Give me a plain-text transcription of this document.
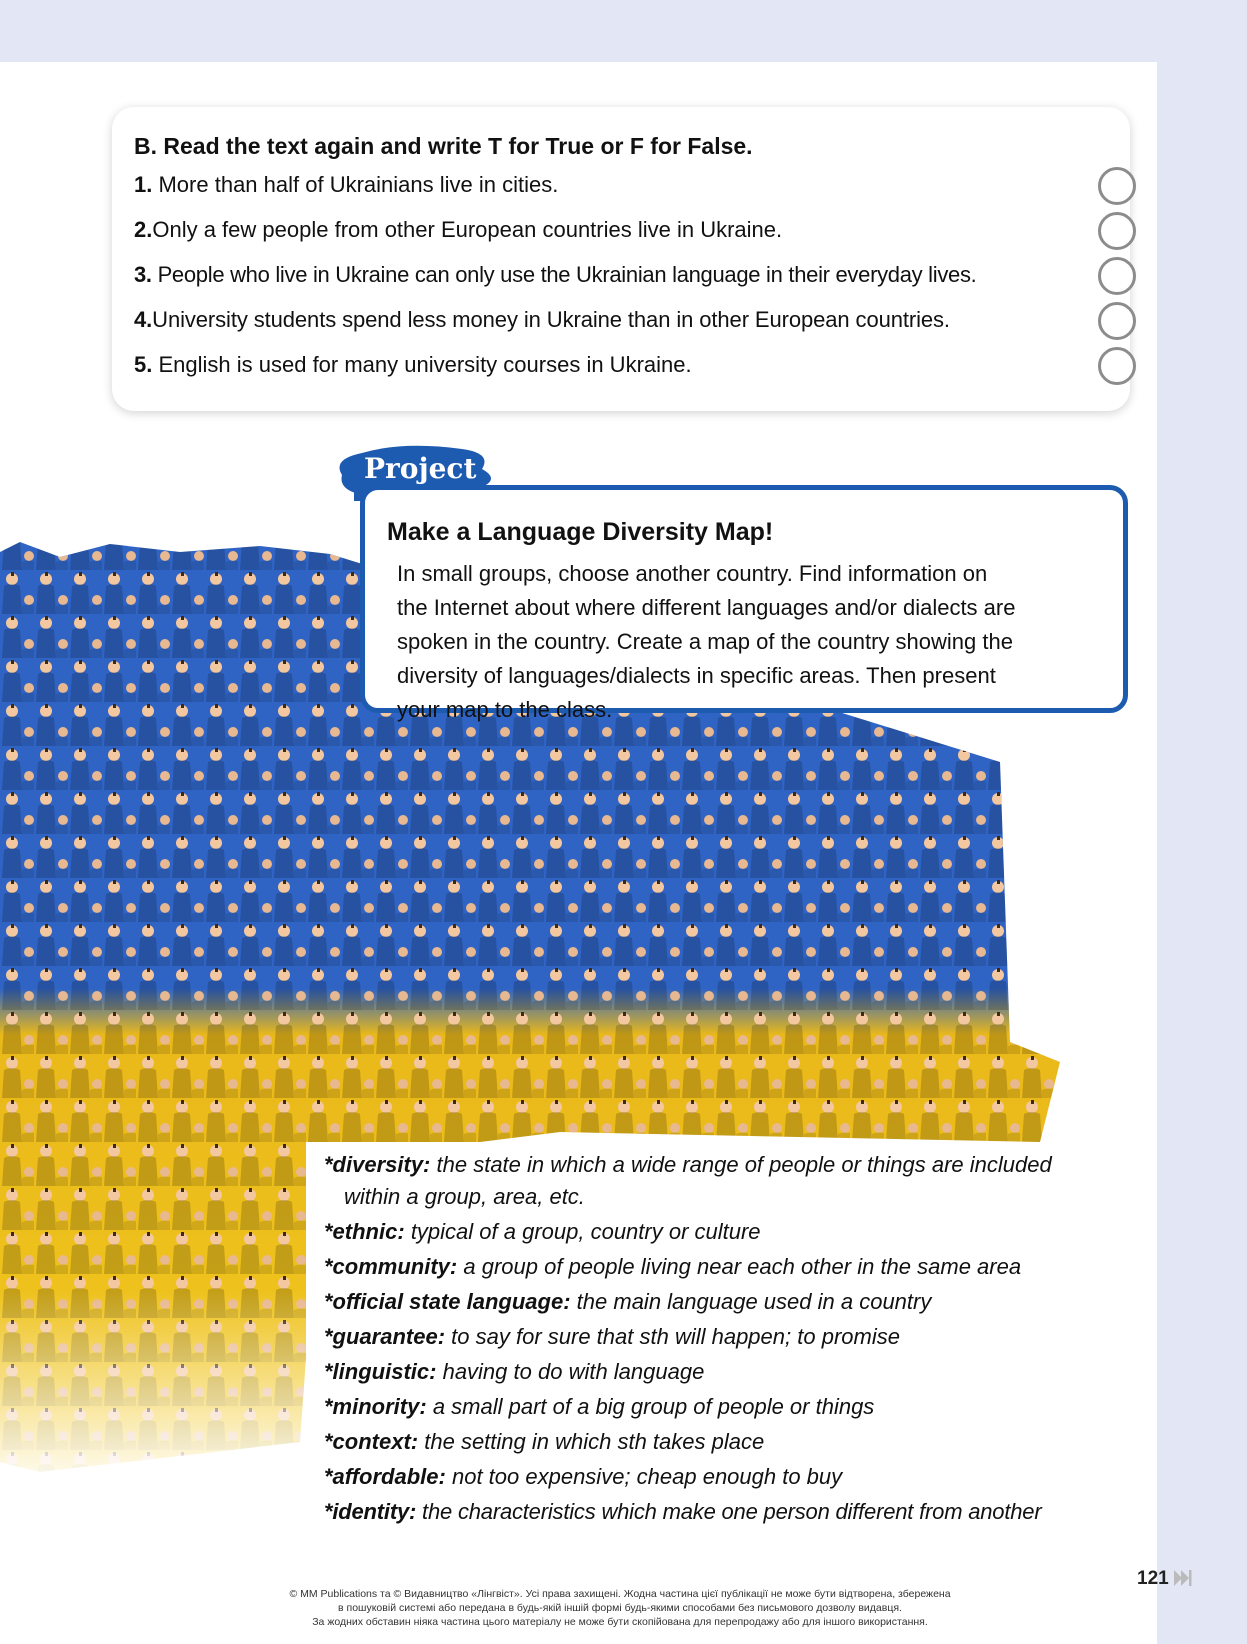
B. Read the text again and write T for True or F for False.
1. More than half of Ukrainians live in cities.
2.Only a few people from other European countries live in Ukraine.
3. People who live in Ukraine can only use the Ukrainian language in their everyday lives.
4.University students spend less money in Ukraine than in other European countries.
5. English is used for many university courses in Ukraine.
Project
Make a Language Diversity Map!
In small groups, choose another country. Find information on
the Internet about where different languages and/or dialects are
spoken in the country. Create a map of the country showing the
diversity of languages/dialects in specific areas. Then present
your map to the class.
*diversity: the state in which a wide range of people or things are included
within a group, area, etc.
*ethnic: typical of a group, country or culture
*community: a group of people living near each other in the same area
*official state language: the main language used in a country
*guarantee: to say for sure that sth will happen; to promise
*linguistic: having to do with language
*minority: a small part of a big group of people or things
*context: the setting in which sth takes place
*affordable: not too expensive; cheap enough to buy
*identity: the characteristics which make one person different from another
121
© MM Publications та © Видавництво «Лінгвіст». Усі права захищені. Жодна частина цієї публікації не може бути відтворена, збережена
в пошуковій системі або передана в будь-якій іншій формі будь-якими способами без письмового дозволу видавця.
За жодних обставин ніяка частина цього матеріалу не може бути скопійована для перепродажу або для іншого використання.
